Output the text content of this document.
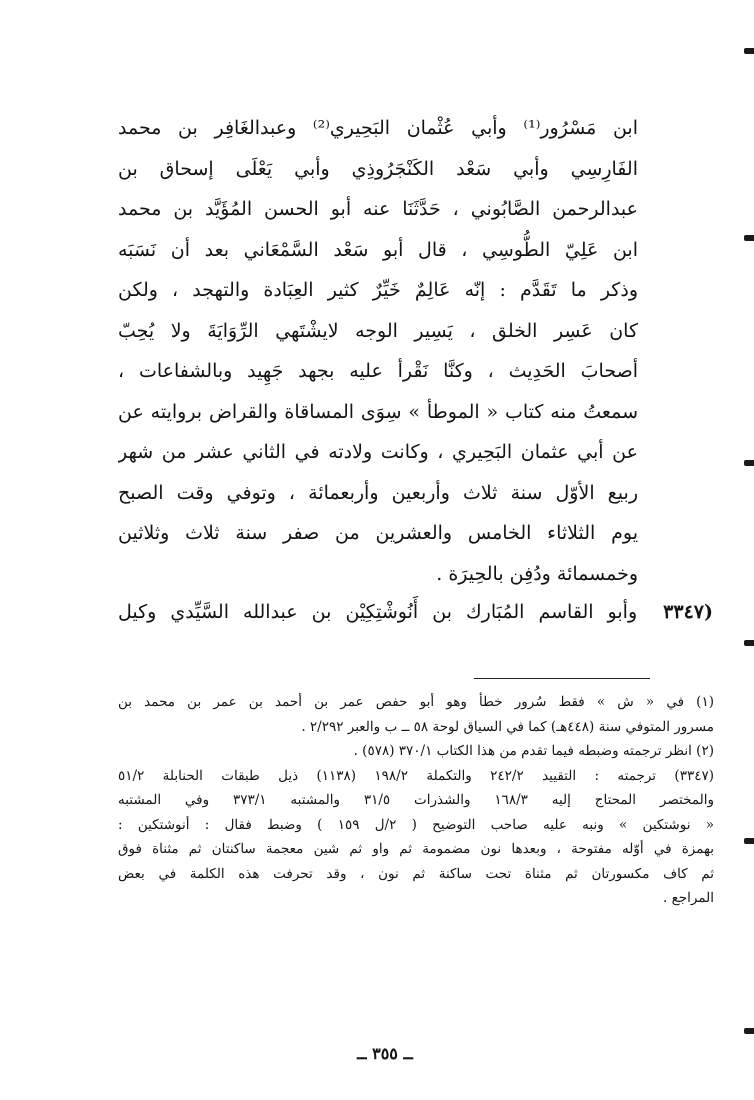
ابن مَسْرُور⁽¹⁾ وأبي عُثْمان البَحِيري⁽²⁾ وعبدالغَافِر بن محمد
الفَارِسِي وأبي سَعْد الكَنْجَرُوذِي وأبي يَعْلَى إسحاق بن
عبدالرحمن الصَّابُوني ، حَدَّثَنَا عنه أبو الحسن المُؤَيَّد بن محمد
ابن عَلِيّ الطُّوسِي ، قال أبو سَعْد السَّمْعَاني بعد أن نَسَبَه
وذكر ما تَقَدَّم : إنّه عَالِمٌ خَيِّرٌ كثير العِبَادة والتهجد ، ولكن
كان عَسِر الخلق ، يَسِير الوجه لايشْتَهي الرِّوَايَةَ ولا يُحِبّ
أصحابَ الحَدِيث ، وكنَّا نَقْرأ عليه بجهد جَهِيد وبالشفاعات ،
سمعتُ منه كتاب « الموطأ » سِوَى المساقاة والقراض بروايته عن
عن أبي عثمان البَحِيري ، وكانت ولادته في الثاني عشر من شهر
ربيع الأوّل سنة ثلاث وأربعين وأربعمائة ، وتوفي وقت الصبح
يوم الثلاثاء الخامس والعشرين من صفر سنة ثلاث وثلاثين
وخمسمائة ودُفِن بالحِيرَة .
(٣٣٤٧ وأبو القاسم المُبَارك بن أَنُوشْتِكِيْن بن عبدالله السَّيِّدي وكيل
(١) في « ش » فقط سُرور خطأ وهو أبو حفص عمر بن أحمد بن عمر بن محمد بن
مسرور المتوفي سنة (٤٤٨هـ) كما في السياق لوحة ٥٨ ــ ب والعبر ٢/٢٩٢ .
(٢) انظر ترجمته وضبطه فيما تقدم من هذا الكتاب ٣٧٠/١ (٥٧٨) .
(٣٣٤٧) ترجمته : التقييد ٢٤٢/٢ والتكملة ١٩٨/٢ (١١٣٨) ذيل طبقات الحنابلة ٥١/٢
والمختصر المحتاج إليه ١٦٨/٣ والشذرات ٣١/٥ والمشتبه ٣٧٣/١ وفي المشتبه
« نوشتكين » ونبه عليه صاحب التوضيح ( ٢/ل ١٥٩ ) وضبط فقال : أنوشتكين :
بهمزة في أوّله مفتوحة ، وبعدها نون مضمومة ثم واو ثم شين معجمة ساكنتان ثم مثناة فوق
ثم كاف مكسورتان ثم مثناة تحت ساكنة ثم نون ، وقد تحرفت هذه الكلمة في بعض
المراجع .
ــ ٣٥٥ ــ
